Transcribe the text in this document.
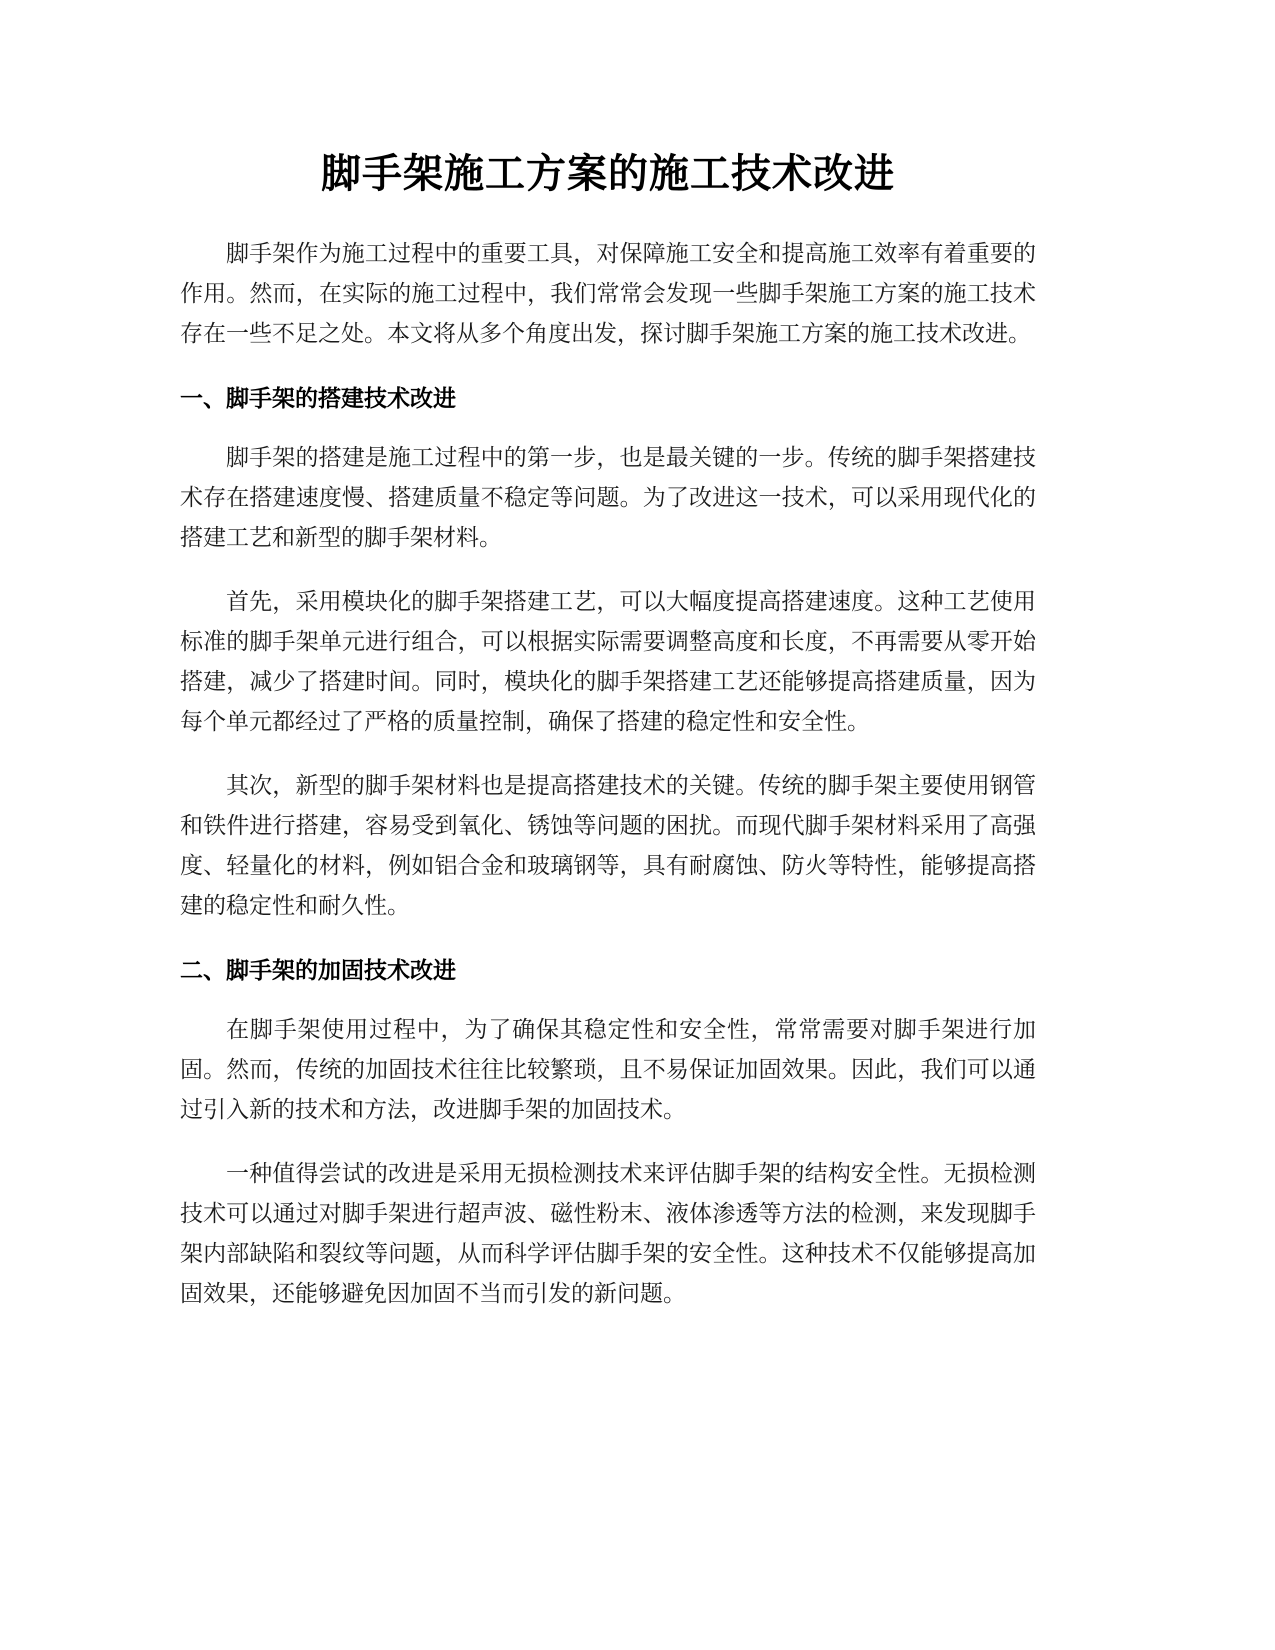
脚手架施工方案的施工技术改进

脚手架作为施工过程中的重要工具，对保障施工安全和提高施工效率有着重要的作用。然而，在实际的施工过程中，我们常常会发现一些脚手架施工方案的施工技术存在一些不足之处。本文将从多个角度出发，探讨脚手架施工方案的施工技术改进。

一、脚手架的搭建技术改进

脚手架的搭建是施工过程中的第一步，也是最关键的一步。传统的脚手架搭建技术存在搭建速度慢、搭建质量不稳定等问题。为了改进这一技术，可以采用现代化的搭建工艺和新型的脚手架材料。

首先，采用模块化的脚手架搭建工艺，可以大幅度提高搭建速度。这种工艺使用标准的脚手架单元进行组合，可以根据实际需要调整高度和长度，不再需要从零开始搭建，减少了搭建时间。同时，模块化的脚手架搭建工艺还能够提高搭建质量，因为每个单元都经过了严格的质量控制，确保了搭建的稳定性和安全性。

其次，新型的脚手架材料也是提高搭建技术的关键。传统的脚手架主要使用钢管和铁件进行搭建，容易受到氧化、锈蚀等问题的困扰。而现代脚手架材料采用了高强度、轻量化的材料，例如铝合金和玻璃钢等，具有耐腐蚀、防火等特性，能够提高搭建的稳定性和耐久性。

二、脚手架的加固技术改进

在脚手架使用过程中，为了确保其稳定性和安全性，常常需要对脚手架进行加固。然而，传统的加固技术往往比较繁琐，且不易保证加固效果。因此，我们可以通过引入新的技术和方法，改进脚手架的加固技术。

一种值得尝试的改进是采用无损检测技术来评估脚手架的结构安全性。无损检测技术可以通过对脚手架进行超声波、磁性粉末、液体渗透等方法的检测，来发现脚手架内部缺陷和裂纹等问题，从而科学评估脚手架的安全性。这种技术不仅能够提高加固效果，还能够避免因加固不当而引发的新问题。
